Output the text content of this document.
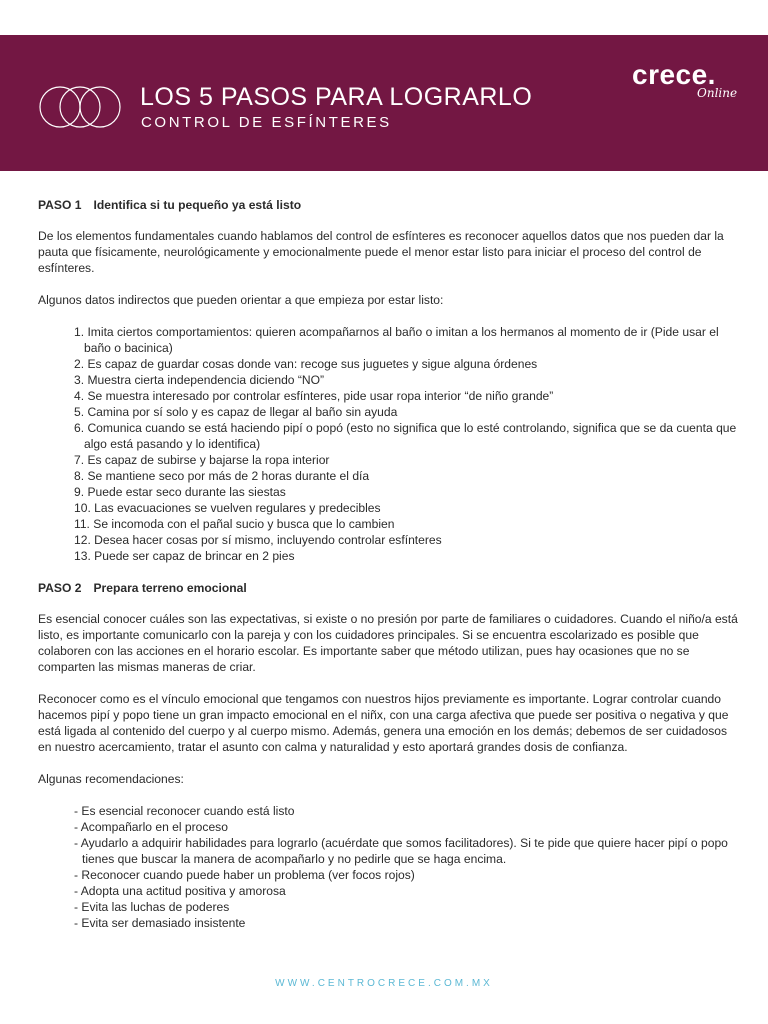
LOS 5 PASOS PARA LOGRARLO
CONTROL DE ESFÍNTERES
crece.
Online
PASO 1 Identifica si tu pequeño ya está listo

De los elementos fundamentales cuando hablamos del control de esfínteres es reconocer aquellos datos que nos pueden dar la pauta que físicamente, neurológicamente y emocionalmente puede el menor estar listo para iniciar el proceso del control de esfínteres.

Algunos datos indirectos que pueden orientar a que empieza por estar listo:

1. Imita ciertos comportamientos: quieren acompañarnos al baño o imitan a los hermanos al momento de ir (Pide usar el baño o bacinica)
2. Es capaz de guardar cosas donde van: recoge sus juguetes y sigue alguna órdenes
3. Muestra cierta independencia diciendo “NO”
4. Se muestra interesado por controlar esfínteres, pide usar ropa interior “de niño grande”
5. Camina por sí solo y es capaz de llegar al baño sin ayuda
6. Comunica cuando se está haciendo pipí o popó (esto no significa que lo esté controlando, significa que se da cuenta que algo está pasando y lo identifica)
7. Es capaz de subirse y bajarse la ropa interior
8. Se mantiene seco por más de 2 horas durante el día
9. Puede estar seco durante las siestas
10. Las evacuaciones se vuelven regulares y predecibles
11. Se incomoda con el pañal sucio y busca que lo cambien
12. Desea hacer cosas por sí mismo, incluyendo controlar esfínteres
13. Puede ser capaz de brincar en 2 pies
PASO 2 Prepara terreno emocional

Es esencial conocer cuáles son las expectativas, si existe o no presión por parte de familiares o cuidadores. Cuando el niño/a está listo, es importante comunicarlo con la pareja y con los cuidadores principales. Si se encuentra escolarizado es posible que colaboren con las acciones en el horario escolar. Es importante saber que método utilizan, pues hay ocasiones que no se comparten las mismas maneras de criar.

Reconocer como es el vínculo emocional que tengamos con nuestros hijos previamente es importante. Lograr controlar cuando hacemos pipí y popo tiene un gran impacto emocional en el niñx, con una carga afectiva que puede ser positiva o negativa y que está ligada al contenido del cuerpo y al cuerpo mismo. Además, genera una emoción en los demás; debemos de ser cuidadosos en nuestro acercamiento, tratar el asunto con calma y naturalidad y esto aportará grandes dosis de confianza.

Algunas recomendaciones:

- Es esencial reconocer cuando está listo
- Acompañarlo en el proceso
- Ayudarlo a adquirir habilidades para lograrlo (acuérdate que somos facilitadores). Si te pide que quiere hacer pipí o popo tienes que buscar la manera de acompañarlo y no pedirle que se haga encima.
- Reconocer cuando puede haber un problema (ver focos rojos)
- Adopta una actitud positiva y amorosa
- Evita las luchas de poderes
- Evita ser demasiado insistente
WWW.CENTROCRECE.COM.MX
